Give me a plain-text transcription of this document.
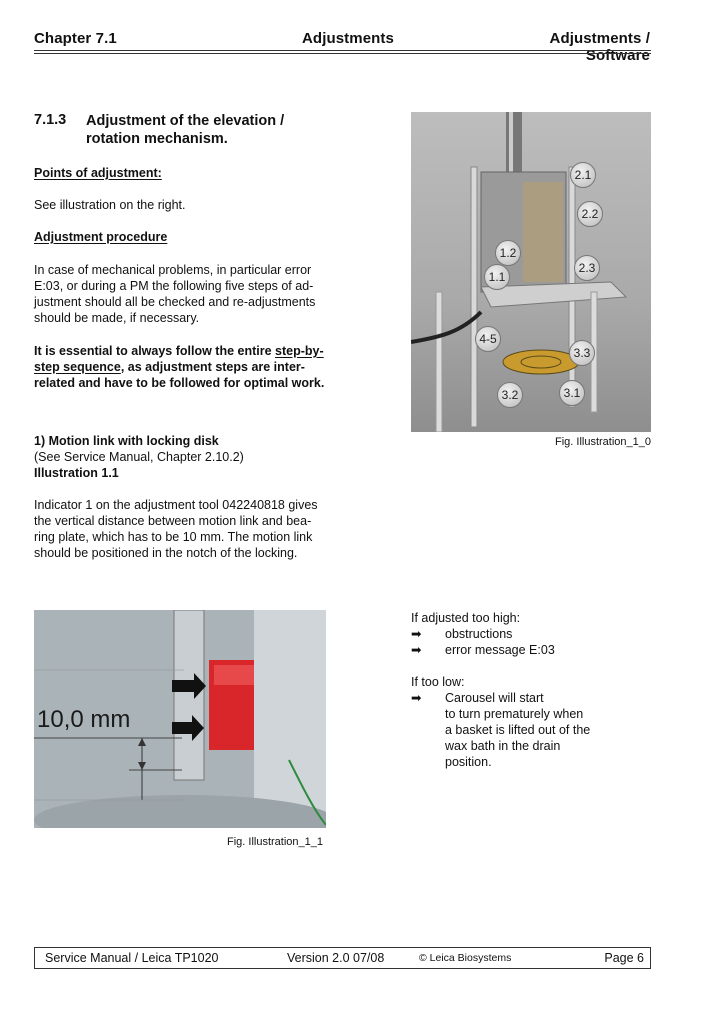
Chapter 7.1	Adjustments	Adjustments / Software
7.1.3 Adjustment of the elevation /
rotation mechanism.
Points of adjustment:
See illustration on the right.
Adjustment procedure
In case of mechanical problems, in particular error
E:03, or during a PM the following five steps of ad-
justment should all be checked and re-adjustments
should be made, if necessary.
It is essential to always follow the entire step-by-
step sequence, as adjustment steps are inter-
related and have to be followed for optimal work.
1) Motion link with locking disk
(See Service Manual, Chapter 2.10.2)
Illustration 1.1
Indicator 1 on the adjustment tool 042240818 gives
the vertical distance between motion link and bea-
ring plate, which has to be 10 mm. The motion link
should be positioned in the notch of the locking.
2.1
2.2
1.2
1.1
2.3
4-5
3.3
3.2	3.1
Fig. Illustration_1_0
10,0 mm
Fig. Illustration_1_1
If adjusted too high:
➡ obstructions
➡ error message E:03
If too low:
➡ Carousel will start
to turn prematurely when
a basket is lifted out of the
wax bath in the drain
position.
Service Manual / Leica TP1020	Version 2.0 07/08	© Leica Biosystems	Page 6
